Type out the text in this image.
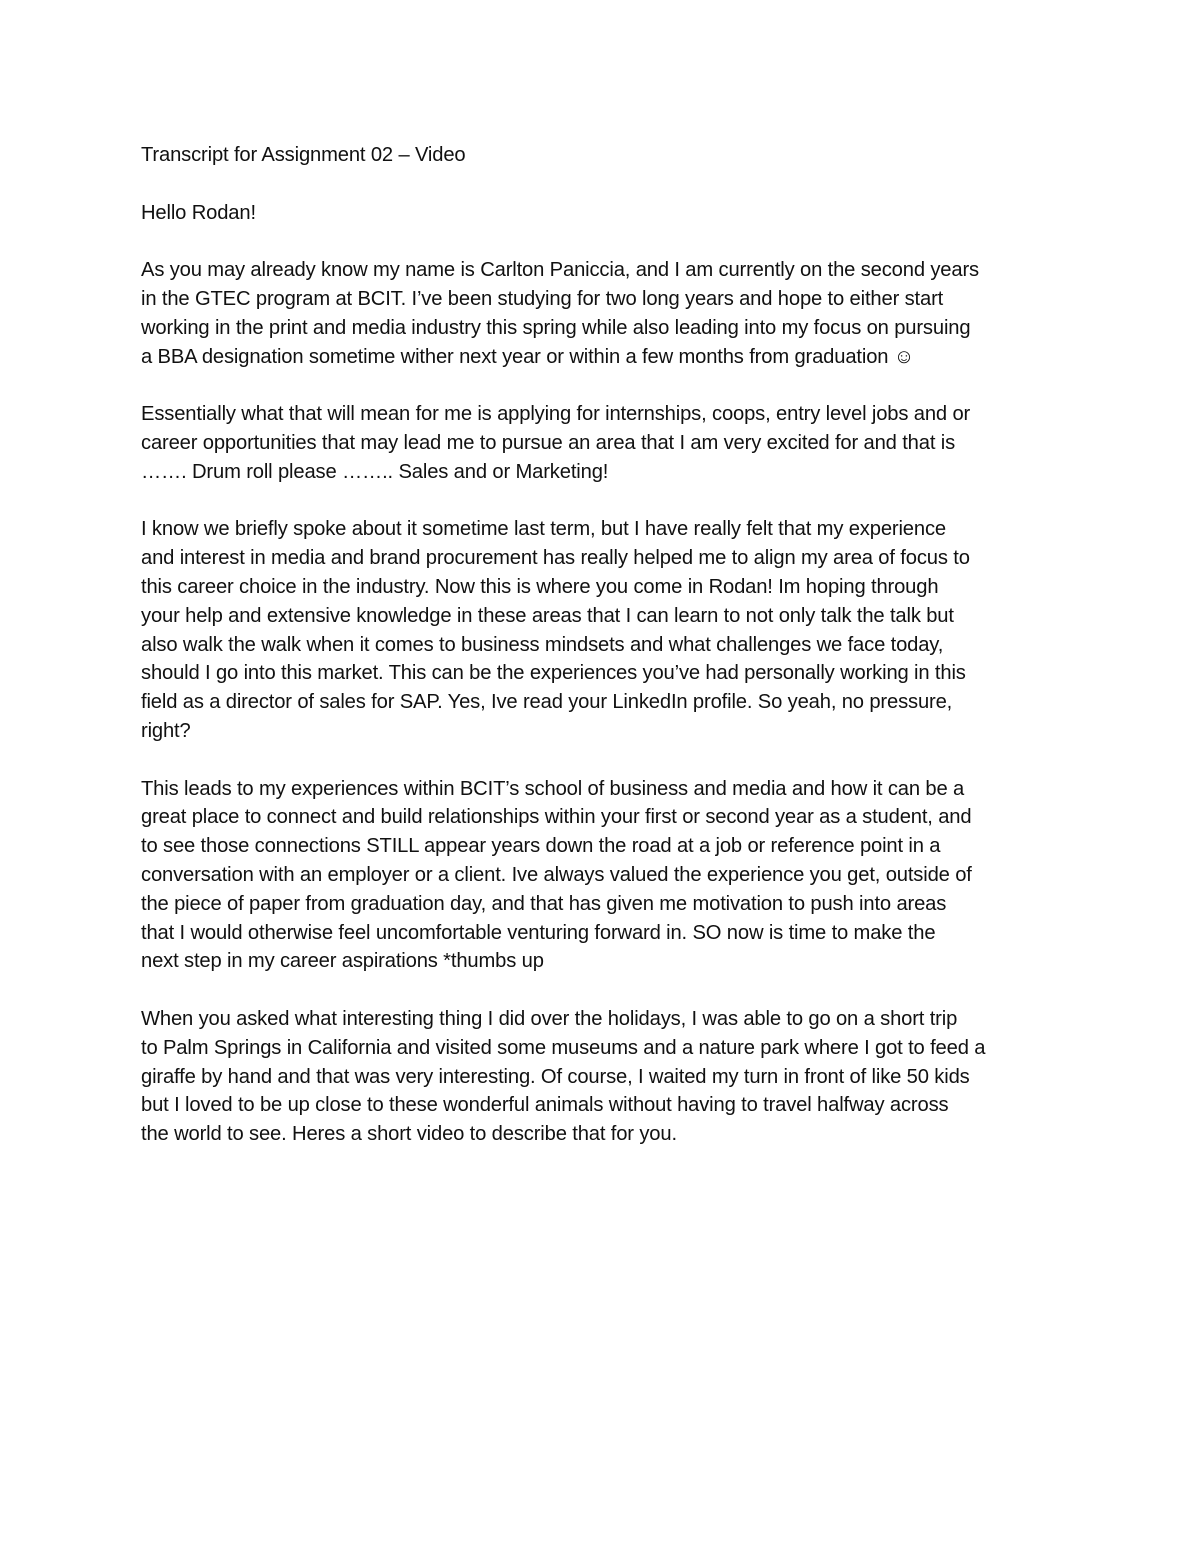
Transcript for Assignment 02 – Video

Hello Rodan!

As you may already know my name is Carlton Paniccia, and I am currently on the second years
in the GTEC program at BCIT. I’ve been studying for two long years and hope to either start
working in the print and media industry this spring while also leading into my focus on pursuing
a BBA designation sometime wither next year or within a few months from graduation ☺

Essentially what that will mean for me is applying for internships, coops, entry level jobs and or
career opportunities that may lead me to pursue an area that I am very excited for and that is
……. Drum roll please …….. Sales and or Marketing!

I know we briefly spoke about it sometime last term, but I have really felt that my experience
and interest in media and brand procurement has really helped me to align my area of focus to
this career choice in the industry. Now this is where you come in Rodan! Im hoping through
your help and extensive knowledge in these areas that I can learn to not only talk the talk but
also walk the walk when it comes to business mindsets and what challenges we face today,
should I go into this market. This can be the experiences you’ve had personally working in this
field as a director of sales for SAP. Yes, Ive read your LinkedIn profile. So yeah, no pressure,
right?

This leads to my experiences within BCIT’s school of business and media and how it can be a
great place to connect and build relationships within your first or second year as a student, and
to see those connections STILL appear years down the road at a job or reference point in a
conversation with an employer or a client. Ive always valued the experience you get, outside of
the piece of paper from graduation day, and that has given me motivation to push into areas
that I would otherwise feel uncomfortable venturing forward in. SO now is time to make the
next step in my career aspirations *thumbs up

When you asked what interesting thing I did over the holidays, I was able to go on a short trip
to Palm Springs in California and visited some museums and a nature park where I got to feed a
giraffe by hand and that was very interesting. Of course, I waited my turn in front of like 50 kids
but I loved to be up close to these wonderful animals without having to travel halfway across
the world to see. Heres a short video to describe that for you.
